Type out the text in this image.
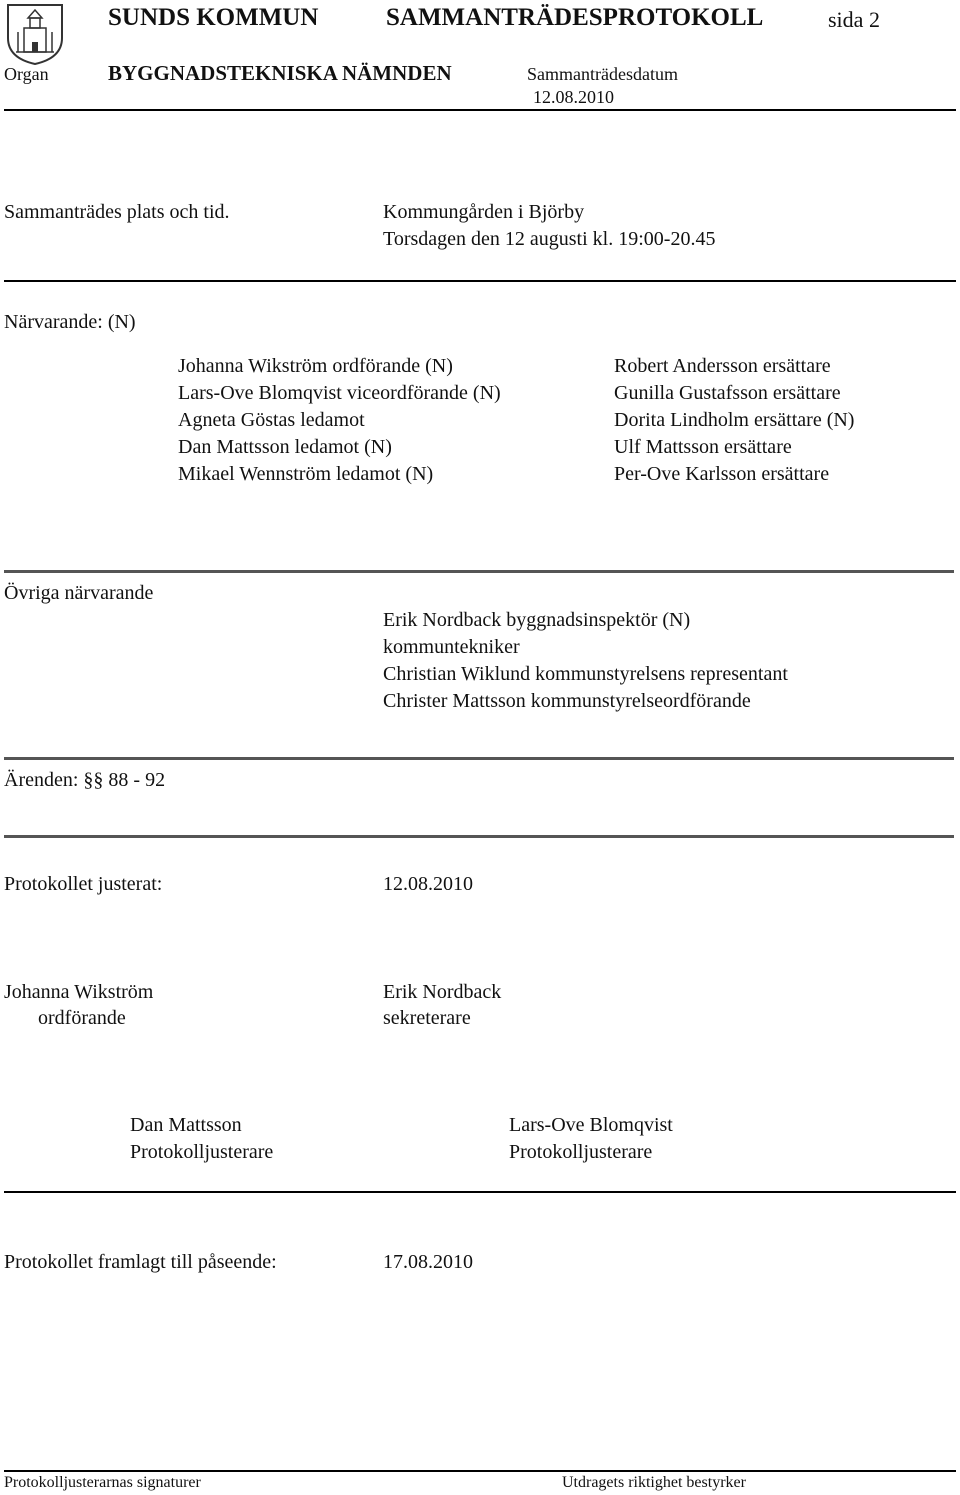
SUNDS KOMMUN	SAMMANTRÄDESPROTOKOLL	sida 2
Organ	BYGGNADSTEKNISKA NÄMNDEN	Sammanträdesdatum
12.08.2010
Sammanträdes plats och tid.	Kommungården i Björby
Torsdagen den 12 augusti kl. 19:00-20.45
Närvarande: (N)
Johanna Wikström ordförande (N)
Lars-Ove Blomqvist viceordförande (N)
Agneta Göstas ledamot
Dan Mattsson ledamot (N)
Mikael Wennström ledamot (N)
Robert Andersson ersättare
Gunilla Gustafsson ersättare
Dorita Lindholm ersättare (N)
Ulf Mattsson ersättare
Per-Ove Karlsson ersättare
Övriga närvarande
Erik Nordback byggnadsinspektör (N)
kommuntekniker
Christian Wiklund kommunstyrelsens representant
Christer Mattsson kommunstyrelseordförande
Ärenden: §§ 88 - 92
Protokollet justerat:	12.08.2010
Johanna Wikström
ordförande
Erik Nordback
sekreterare
Dan Mattsson
Protokolljusterare
Lars-Ove Blomqvist
Protokolljusterare
Protokollet framlagt till påseende:	17.08.2010
Protokolljusterarnas signaturer	Utdragets riktighet bestyrker
